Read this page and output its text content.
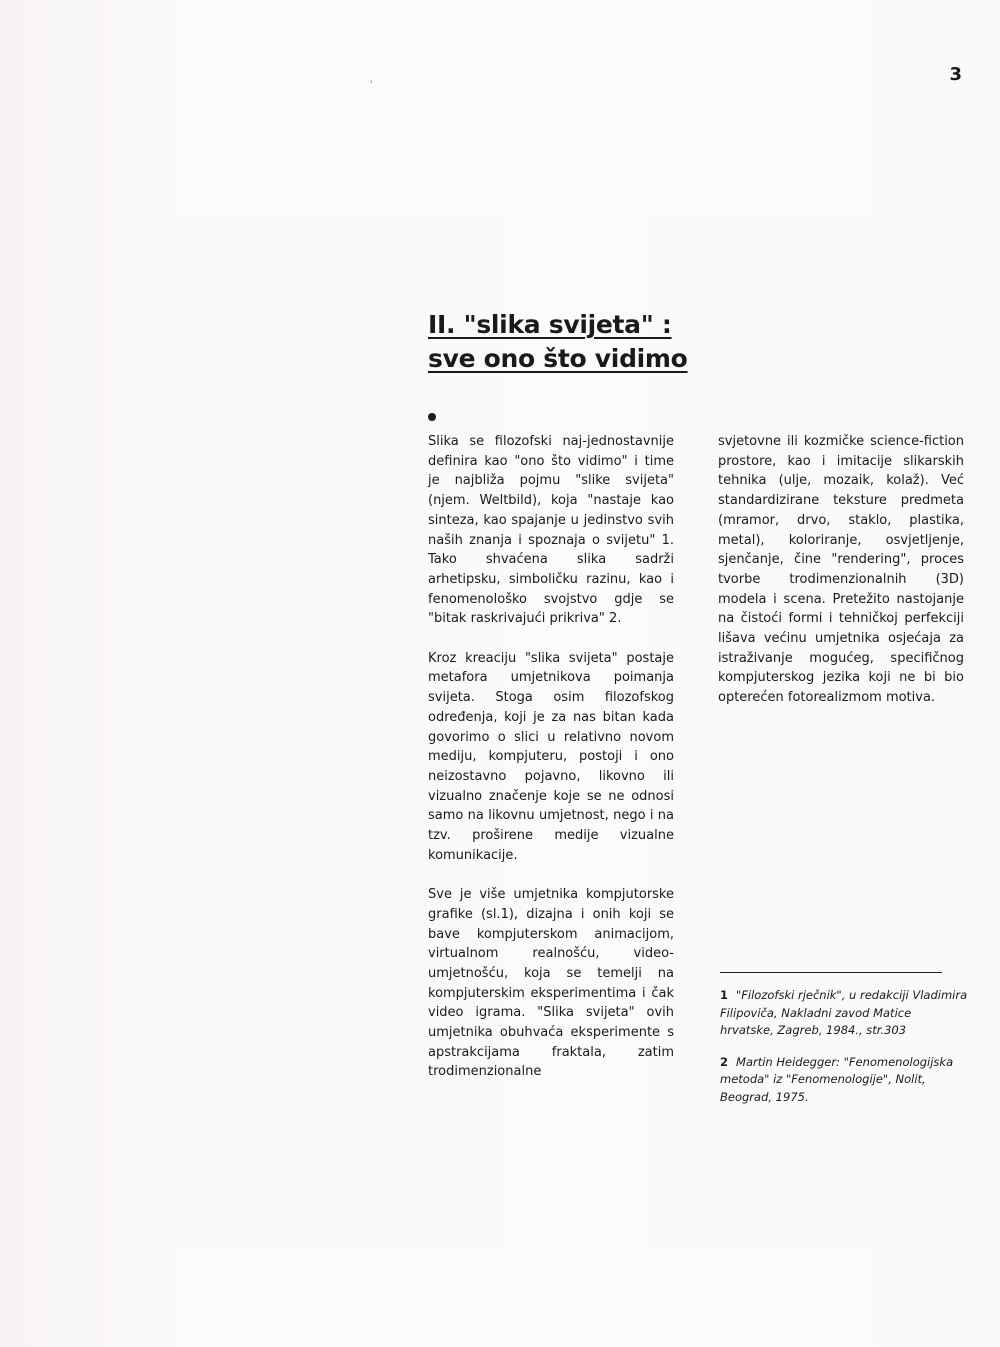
3

'
II. "slika svijeta" :
sve ono što vidimo

Slika se filozofski naj-jednostavnije definira kao "ono što vidimo" i time je najbliža pojmu "slike svijeta" (njem. Weltbild), koja "nastaje kao sinteza, kao spajanje u jedinstvo svih naših znanja i spoznaja o svijetu" 1. Tako shvaćena slika sadrži arhetipsku, simboličku razinu, kao i fenomenološko svojstvo gdje se "bitak raskrivajući prikriva" 2.

Kroz kreaciju "slika svijeta" postaje metafora umjetnikova poimanja svijeta. Stoga osim filozofskog određenja, koji je za nas bitan kada govorimo o slici u relativno novom mediju, kompjuteru, postoji i ono neizostavno pojavno, likovno ili vizualno značenje koje se ne odnosi samo na likovnu umjetnost, nego i na tzv. proširene medije vizualne komunikacije.

Sve je više umjetnika kompjutorske grafike (sl.1), dizajna i onih koji se bave kompjuterskom animacijom, virtualnom realnošću, video-umjetnošću, koja se temelji na kompjuterskim eksperimentima i čak video igrama. "Slika svijeta" ovih umjetnika obuhvaća eksperimente s apstrakcijama fraktala, zatim trodimenzionalne

svjetovne ili kozmičke science-fiction prostore, kao i imitacije slikarskih tehnika (ulje, mozaik, kolaž). Već standardizirane teksture predmeta (mramor, drvo, staklo, plastika, metal), koloriranje, osvjetljenje, sjenčanje, čine "rendering", proces tvorbe trodimenzionalnih (3D) modela i scena. Pretežito nastojanje na čistoći formi i tehničkoj perfekciji lišava većinu umjetnika osjećaja za istraživanje mogućeg, specifičnog kompjuterskog jezika koji ne bi bio opterećen fotorealizmom motiva.

1 "Filozofski rječnik", u redakciji Vladimira Filipoviča, Nakladni zavod Matice hrvatske, Zagreb, 1984., str.303

2 Martin Heidegger: "Fenomenologijska metoda" iz "Fenomenologije", Nolit, Beograd, 1975.
